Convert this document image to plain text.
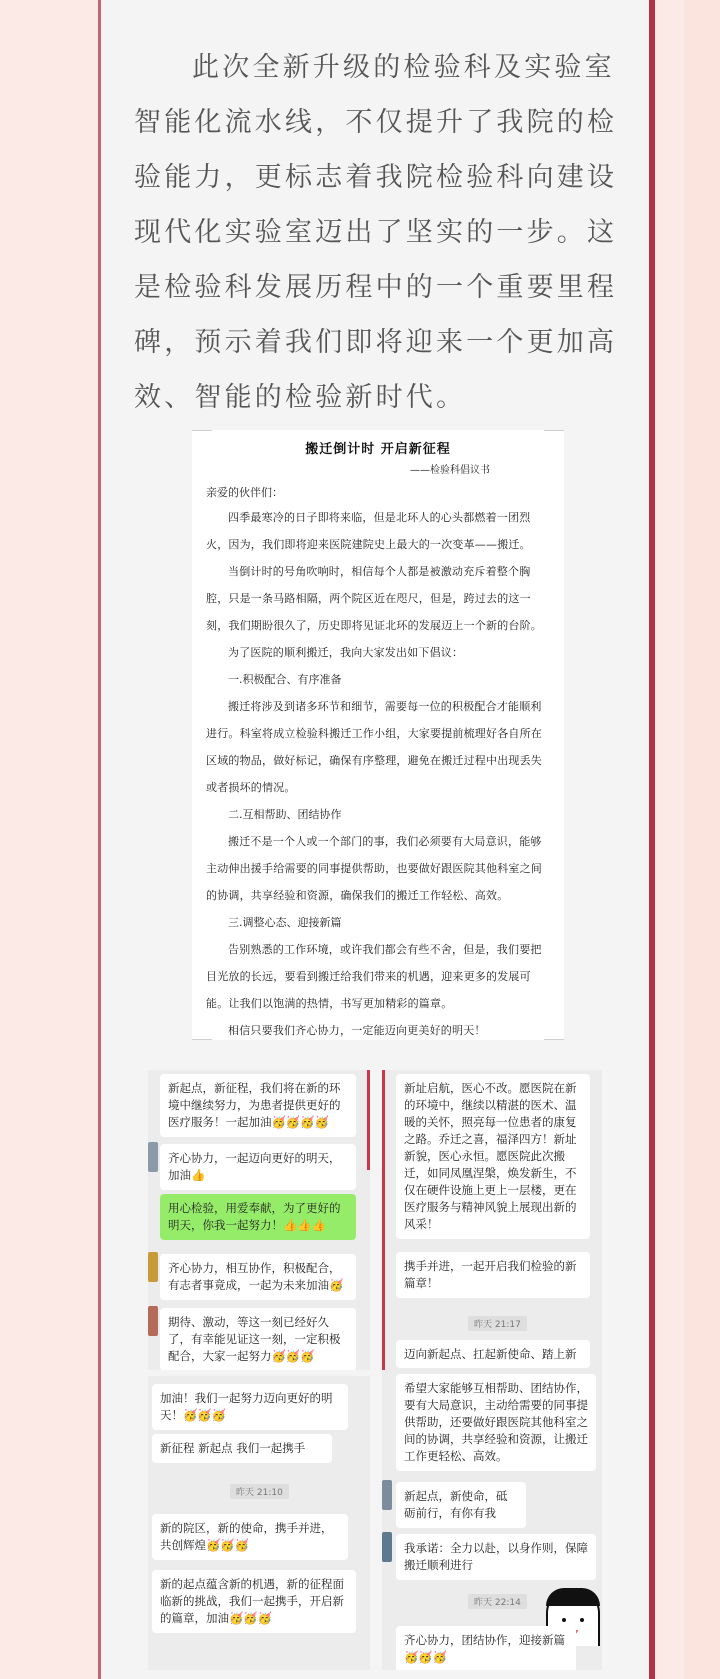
此次全新升级的检验科及实验室智能化流水线，不仅提升了我院的检验能力，更标志着我院检验科向建设现代化实验室迈出了坚实的一步。这是检验科发展历程中的一个重要里程碑，预示着我们即将迎来一个更加高效、智能的检验新时代。

搬迁倒计时 开启新征程

——检验科倡议书

亲爱的伙伴们：

四季最寒冷的日子即将来临，但是北环人的心头都燃着一团烈火，因为，我们即将迎来医院建院史上最大的一次变革——搬迁。

当倒计时的号角吹响时，相信每个人都是被激动充斥着整个胸腔，只是一条马路相隔，两个院区近在咫尺，但是，跨过去的这一刻，我们期盼很久了，历史即将见证北环的发展迈上一个新的台阶。

为了医院的顺利搬迁，我向大家发出如下倡议：

一.积极配合、有序准备

搬迁将涉及到诸多环节和细节，需要每一位的积极配合才能顺利进行。科室将成立检验科搬迁工作小组，大家要提前梳理好各自所在区域的物品，做好标记，确保有序整理，避免在搬迁过程中出现丢失或者损坏的情况。

二.互相帮助、团结协作

搬迁不是一个人或一个部门的事，我们必须要有大局意识，能够主动伸出援手给需要的同事提供帮助，也要做好跟医院其他科室之间的协调，共享经验和资源，确保我们的搬迁工作轻松、高效。

三.调整心态、迎接新篇

告别熟悉的工作环境，或许我们都会有些不舍，但是，我们要把目光放的长远，要看到搬迁给我们带来的机遇，迎来更多的发展可能。让我们以饱满的热情，书写更加精彩的篇章。

相信只要我们齐心协力，一定能迈向更美好的明天！

新起点，新征程，我们将在新的环境中继续努力，为患者提供更好的医疗服务！一起加油🥳🥳🥳🥳
齐心协力，一起迈向更好的明天，加油👍
用心检验，用爱奉献，为了更好的明天，你我一起努力！👍👍👍
齐心协力，相互协作，积极配合，有志者事竟成，一起为未来加油🥳
期待、激动，等这一刻已经好久了，有幸能见证这一刻，一定积极配合，大家一起努力🥳🥳🥳
加油！我们一起努力迈向更好的明天！🥳🥳🥳
新征程 新起点 我们一起携手
昨天 21:10
新的院区，新的使命，携手并进，共创辉煌🥳🥳🥳
新的起点蕴含新的机遇，新的征程面临新的挑战，我们一起携手，开启新的篇章，加油🥳🥳🥳
新址启航，医心不改。愿医院在新的环境中，继续以精湛的医术、温暖的关怀，照亮每一位患者的康复之路。乔迁之喜，福泽四方！新址新貌，医心永恒。愿医院此次搬迁，如同凤凰涅槃，焕发新生，不仅在硬件设施上更上一层楼，更在医疗服务与精神风貌上展现出新的风采！
携手并进，一起开启我们检验的新篇章！
昨天 21:17
迈向新起点、扛起新使命、踏上新
希望大家能够互相帮助、团结协作，要有大局意识，主动给需要的同事提供帮助，还要做好跟医院其他科室之间的协调，共享经验和资源，让搬迁工作更轻松、高效。
新起点，新使命，砥砺前行，有你有我
我承诺：全力以赴，以身作则，保障搬迁顺利进行
昨天 22:14
齐心协力，团结协作，迎接新篇🥳🥳🥳
